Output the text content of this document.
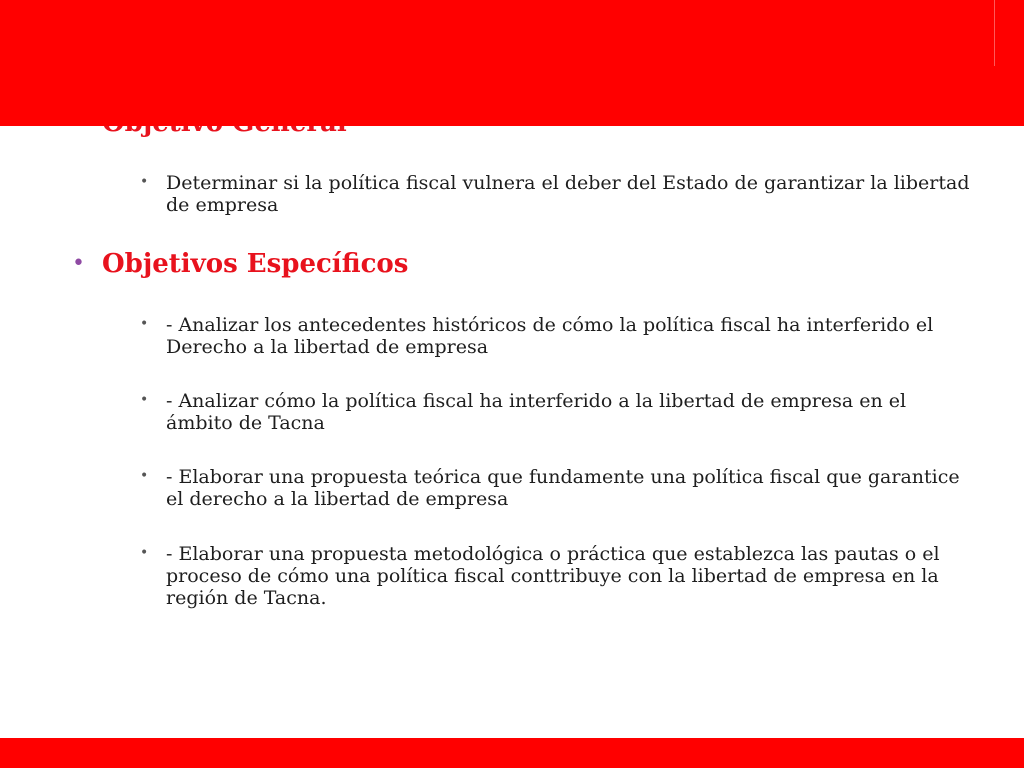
• Determinar si la política fiscal vulnera el deber del Estado de garantizar la libertad de empresa
• Objetivos Específicos
• - Analizar los antecedentes históricos de cómo la política fiscal ha interferido el Derecho a la libertad de empresa
• - Analizar cómo la política fiscal ha interferido a la libertad de empresa en el ámbito de Tacna
• - Elaborar una propuesta teórica que fundamente una política fiscal que garantice el derecho a la libertad de empresa
• - Elaborar una propuesta metodológica o práctica que establezca las pautas o el proceso de cómo una política fiscal conttribuye con la libertad de empresa en la región de Tacna.
